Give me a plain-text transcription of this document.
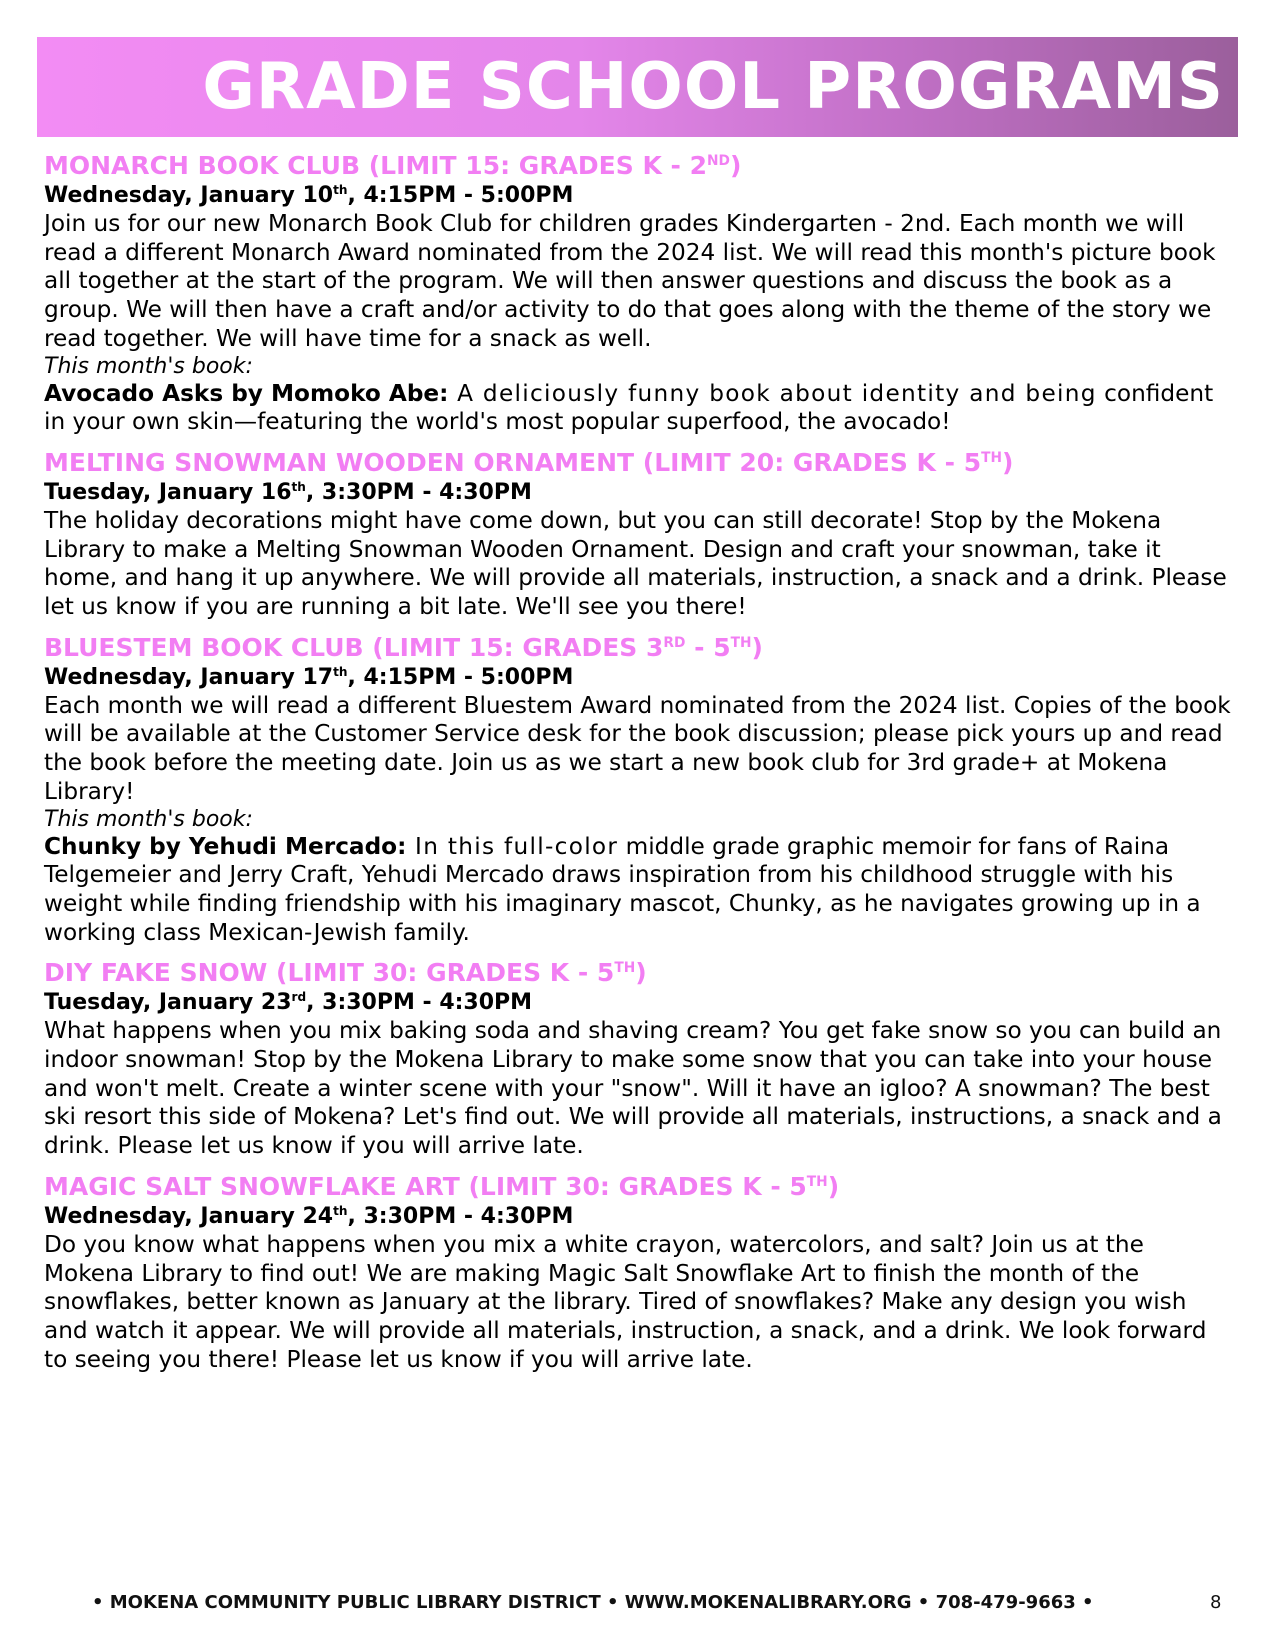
GRADE SCHOOL PROGRAMS
MONARCH BOOK CLUB (LIMIT 15: GRADES K - 2ND)
Wednesday, January 10th, 4:15PM - 5:00PM
Join us for our new Monarch Book Club for children grades Kindergarten - 2nd. Each month we will read a different Monarch Award nominated from the 2024 list. We will read this month's picture book all together at the start of the program. We will then answer questions and discuss the book as a group. We will then have a craft and/or activity to do that goes along with the theme of the story we read together. We will have time for a snack as well.
This month's book:
Avocado Asks by Momoko Abe: A deliciously funny book about identity and being confident in your own skin—featuring the world's most popular superfood, the avocado!
MELTING SNOWMAN WOODEN ORNAMENT (LIMIT 20: GRADES K - 5TH)
Tuesday, January 16th, 3:30PM - 4:30PM
The holiday decorations might have come down, but you can still decorate! Stop by the Mokena Library to make a Melting Snowman Wooden Ornament. Design and craft your snowman, take it home, and hang it up anywhere. We will provide all materials, instruction, a snack and a drink. Please let us know if you are running a bit late. We'll see you there!
BLUESTEM BOOK CLUB (LIMIT 15: GRADES 3RD - 5TH)
Wednesday, January 17th, 4:15PM - 5:00PM
Each month we will read a different Bluestem Award nominated from the 2024 list. Copies of the book will be available at the Customer Service desk for the book discussion; please pick yours up and read the book before the meeting date. Join us as we start a new book club for 3rd grade+ at Mokena Library!
This month's book:
Chunky by Yehudi Mercado: In this full-color middle grade graphic memoir for fans of Raina Telgemeier and Jerry Craft, Yehudi Mercado draws inspiration from his childhood struggle with his weight while finding friendship with his imaginary mascot, Chunky, as he navigates growing up in a working class Mexican-Jewish family.
DIY FAKE SNOW (LIMIT 30: GRADES K - 5TH)
Tuesday, January 23rd, 3:30PM - 4:30PM
What happens when you mix baking soda and shaving cream? You get fake snow so you can build an indoor snowman! Stop by the Mokena Library to make some snow that you can take into your house and won't melt. Create a winter scene with your "snow". Will it have an igloo? A snowman? The best ski resort this side of Mokena? Let's find out. We will provide all materials, instructions, a snack and a drink. Please let us know if you will arrive late.
MAGIC SALT SNOWFLAKE ART (LIMIT 30: GRADES K - 5TH)
Wednesday, January 24th, 3:30PM - 4:30PM
Do you know what happens when you mix a white crayon, watercolors, and salt? Join us at the Mokena Library to find out! We are making Magic Salt Snowflake Art to finish the month of the snowflakes, better known as January at the library. Tired of snowflakes? Make any design you wish and watch it appear. We will provide all materials, instruction, a snack, and a drink. We look forward to seeing you there! Please let us know if you will arrive late.
• MOKENA COMMUNITY PUBLIC LIBRARY DISTRICT • WWW.MOKENALIBRARY.ORG • 708-479-9663 •	8
